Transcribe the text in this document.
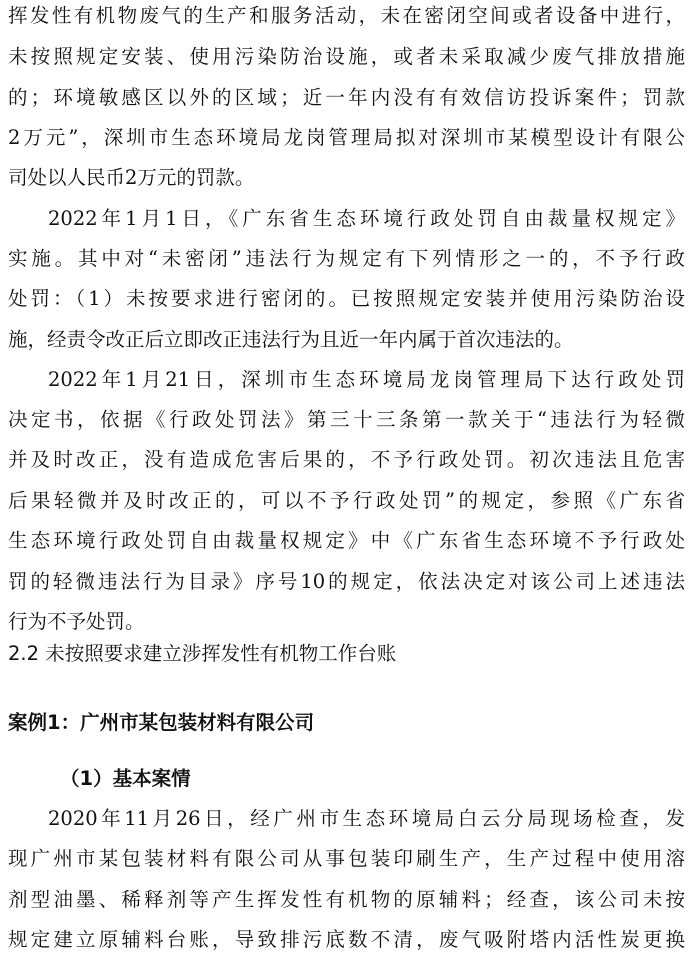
挥发性有机物废气的生产和服务活动，未在密闭空间或者设备中进行，
未按照规定安装、使用污染防治设施，或者未采取减少废气排放措施
的；环境敏感区以外的区域；近一年内没有有效信访投诉案件；罚款
2万元”，深圳市生态环境局龙岗管理局拟对深圳市某模型设计有限公
司处以人民币2万元的罚款。
2022年1月1日，《广东省生态环境行政处罚自由裁量权规定》
实施。其中对“未密闭”违法行为规定有下列情形之一的，不予行政
处罚：（1）未按要求进行密闭的。已按照规定安装并使用污染防治设
施，经责令改正后立即改正违法行为且近一年内属于首次违法的。
2022年1月21日，深圳市生态环境局龙岗管理局下达行政处罚
决定书，依据《行政处罚法》第三十三条第一款关于“违法行为轻微
并及时改正，没有造成危害后果的，不予行政处罚。初次违法且危害
后果轻微并及时改正的，可以不予行政处罚”的规定，参照《广东省
生态环境行政处罚自由裁量权规定》中《广东省生态环境不予行政处
罚的轻微违法行为目录》序号10的规定，依法决定对该公司上述违法
行为不予处罚。
2.2 未按照要求建立涉挥发性有机物工作台账
案例1：广州市某包装材料有限公司
（1）基本案情
2020年11月26日，经广州市生态环境局白云分局现场检查，发
现广州市某包装材料有限公司从事包装印刷生产，生产过程中使用溶
剂型油墨、稀释剂等产生挥发性有机物的原辅料；经查，该公司未按
规定建立原辅料台账，导致排污底数不清，废气吸附塔内活性炭更换
